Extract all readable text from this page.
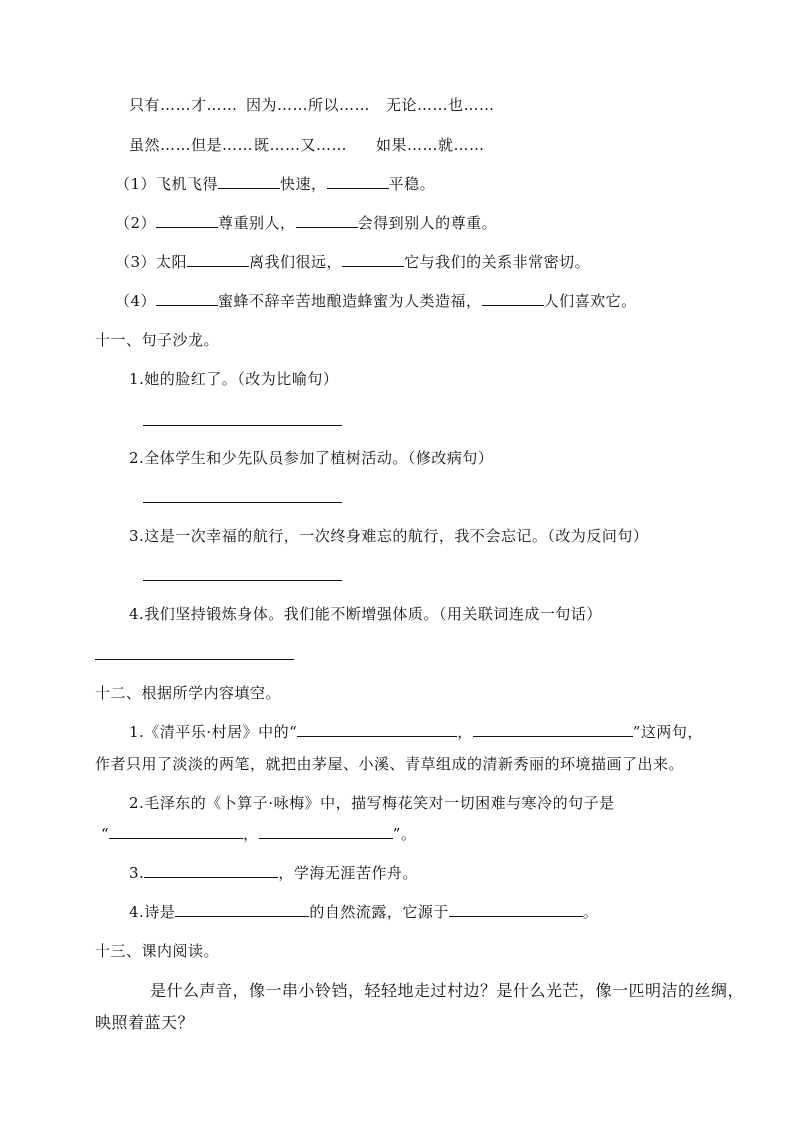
只有……才…… 因为……所以…… 无论……也……
虽然……但是…… 既……又…… 如果……就……
（1）飞机飞得	快速，	平稳。
（2）	尊重别人，	会得到别人的尊重。
（3）太阳	离我们很远，	它与我们的关系非常密切。
（4）	蜜蜂不辞辛苦地酿造蜂蜜为人类造福，	人们喜欢它。
十一、句子沙龙。
1.她的脸红了。（改为比喻句）
2.全体学生和少先队员参加了植树活动。（修改病句）
3.这是一次幸福的航行，一次终身难忘的航行，我不会忘记。（改为反问句）
4.我们坚持锻炼身体。我们能不断增强体质。（用关联词连成一句话）
十二、根据所学内容填空。
1.《清平乐·村居》中的“	，	”这两句，
作者只用了淡淡的两笔，就把由茅屋、小溪、青草组成的清新秀丽的环境描画了出来。
2.毛泽东的《卜算子·咏梅》中，描写梅花笑对一切困难与寒冷的句子是
“	，	”。
3.	，学海无涯苦作舟。
4.诗是	的自然流露，它源于	。
十三、课内阅读。
是什么声音，像一串小铃铛，轻轻地走过村边？是什么光芒，像一匹明洁的丝绸，
映照着蓝天？
